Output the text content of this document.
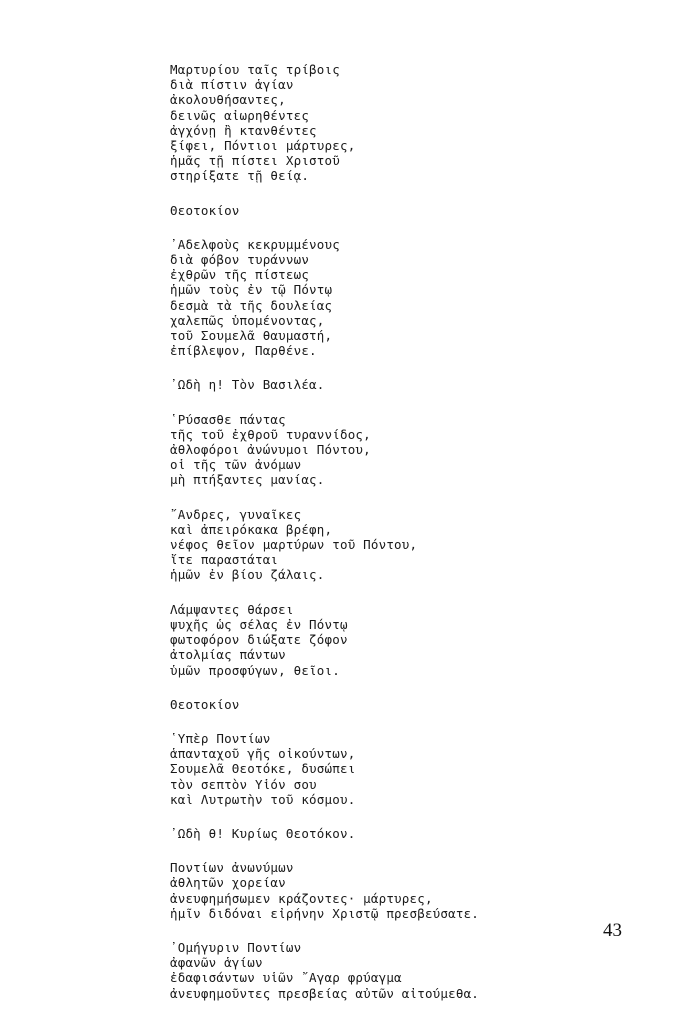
Μαρτυρίου ταῖς τρίβοις
διὰ πίστιν ἁγίαν
ἀκολουθήσαντες,
δεινῶς αἰωρηθέντες
ἀγχόνῃ ἢ κτανθέντες
ξίφει, Πόντιοι μάρτυρες,
ἡμᾶς τῇ πίστει Χριστοῦ
στηρίξατε τῇ θείᾳ.
Θεοτοκίον
᾿Αδελφοὺς κεκρυμμένους
διὰ φόβον τυράννων
ἐχθρῶν τῆς πίστεως
ἡμῶν τοὺς ἐν τῷ Πόντῳ
δεσμὰ τὰ τῆς δουλείας
χαλεπῶς ὑπομένοντας,
τοῦ Σουμελᾶ θαυμαστή,
ἐπίβλεψον, Παρθένε.
᾿Ωδὴ η! Τὸν Βασιλέα.
῾Ρύσασθε πάντας
τῆς τοῦ ἐχθροῦ τυραννίδος,
ἀθλοφόροι ἀνώνυμοι Πόντου,
οἱ τῆς τῶν ἀνόμων
μὴ πτήξαντες μανίας.
῎Ανδρες, γυναῖκες
καὶ ἀπειρόκακα βρέφη,
νέφος θεῖον μαρτύρων τοῦ Πόντου,
ἴτε παραστάται
ἡμῶν ἐν βίου ζάλαις.
Λάμψαντες θάρσει
ψυχῆς ὡς σέλας ἐν Πόντῳ
φωτοφόρον διώξατε ζόφον
ἀτολμίας πάντων
ὑμῶν προσφύγων, θεῖοι.
Θεοτοκίον
῾Υπὲρ Ποντίων
ἁπανταχοῦ γῆς οἰκούντων,
Σουμελᾶ Θεοτόκε, δυσώπει
τὸν σεπτὸν Υἱόν σου
καὶ Λυτρωτὴν τοῦ κόσμου.
᾿Ωδὴ θ! Κυρίως Θεοτόκον.
Ποντίων ἀνωνύμων
ἀθλητῶν χορείαν
ἀνευφημήσωμεν κράζοντες· μάρτυρες,
ἡμῖν διδόναι εἰρήνην Χριστῷ πρεσβεύσατε.
᾿Ομήγυριν Ποντίων
ἀφανῶν ἁγίων
ἐδαφισάντων υἱῶν ῎Αγαρ φρύαγμα
ἀνευφημοῦντες πρεσβείας αὐτῶν αἰτούμεθα.
43
